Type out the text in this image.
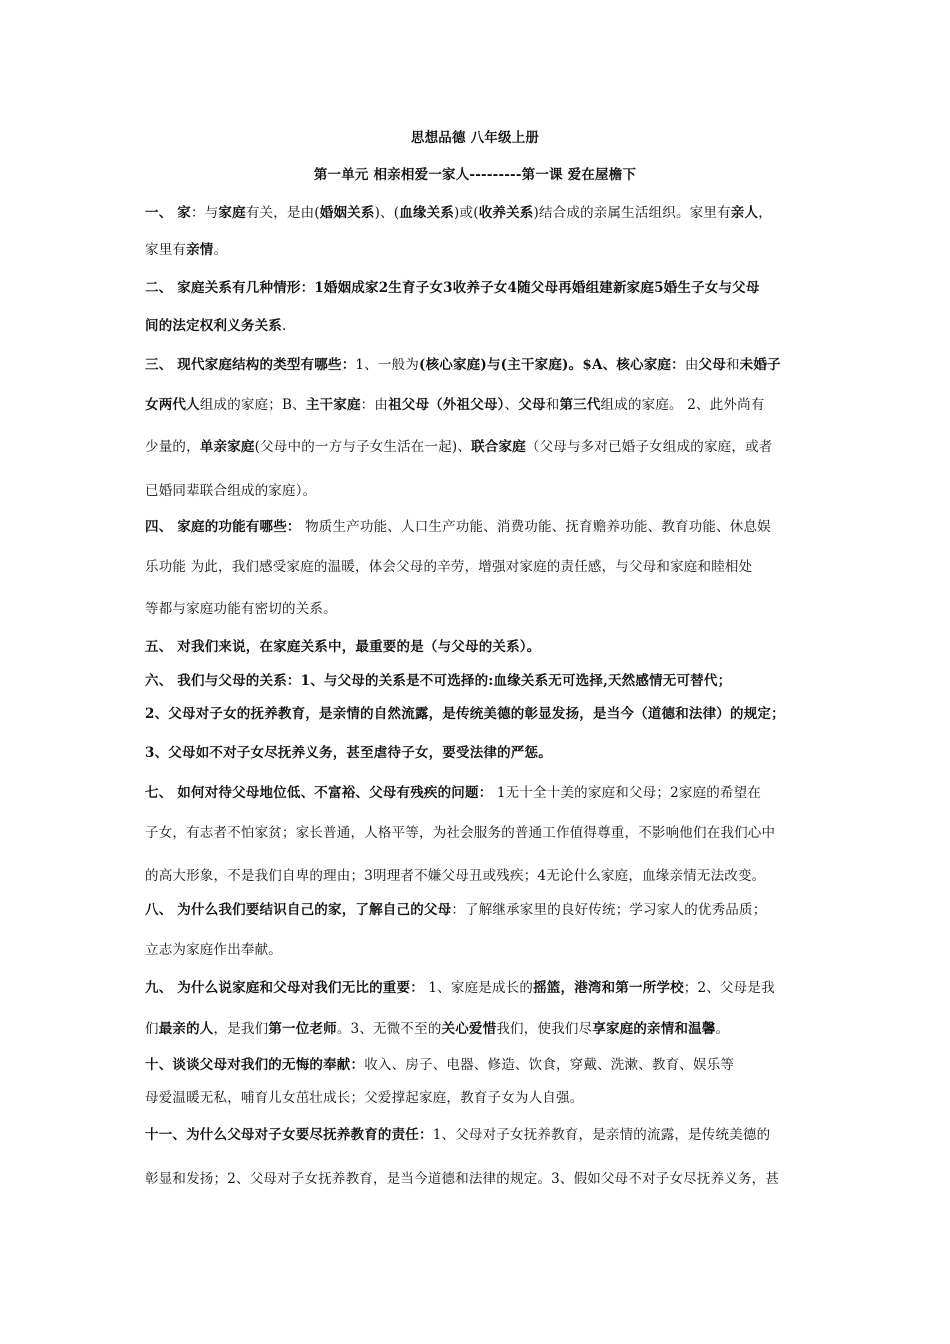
思想品德 八年级上册
第一单元 相亲相爱一家人---------第一课 爱在屋檐下
一、 家：与家庭有关，是由(婚姻关系)、(血缘关系)或(收养关系)结合成的亲属生活组织。家里有亲人，
家里有亲情。
二、 家庭关系有几种情形：1婚姻成家2生育子女3收养子女4随父母再婚组建新家庭5婚生子女与父母
间的法定权利义务关系.
三、 现代家庭结构的类型有哪些：1、一般为(核心家庭)与(主干家庭)。$A、核心家庭：由父母和未婚子
女两代人组成的家庭；B、主干家庭：由祖父母（外祖父母）、父母和第三代组成的家庭。 2、此外尚有
少量的，单亲家庭(父母中的一方与子女生活在一起)、联合家庭（父母与多对已婚子女组成的家庭，或者
已婚同辈联合组成的家庭）。
四、 家庭的功能有哪些： 物质生产功能、人口生产功能、消费功能、抚育赡养功能、教育功能、休息娱
乐功能 为此，我们感受家庭的温暖，体会父母的辛劳，增强对家庭的责任感，与父母和家庭和睦相处
等都与家庭功能有密切的关系。
五、 对我们来说，在家庭关系中，最重要的是（与父母的关系）。
六、 我们与父母的关系：1、与父母的关系是不可选择的:血缘关系无可选择,天然感情无可替代；
2、父母对子女的抚养教育，是亲情的自然流露，是传统美德的彰显发扬，是当今（道德和法律）的规定；
3、父母如不对子女尽抚养义务，甚至虐待子女，要受法律的严惩。
七、 如何对待父母地位低、不富裕、父母有残疾的问题： 1无十全十美的家庭和父母；2家庭的希望在
子女，有志者不怕家贫；家长普通，人格平等，为社会服务的普通工作值得尊重，不影响他们在我们心中
的高大形象，不是我们自卑的理由；3明理者不嫌父母丑或残疾；4无论什么家庭，血缘亲情无法改变。
八、 为什么我们要结识自己的家，了解自己的父母：了解继承家里的良好传统；学习家人的优秀品质；
立志为家庭作出奉献。
九、 为什么说家庭和父母对我们无比的重要： 1、家庭是成长的摇篮，港湾和第一所学校；2、父母是我
们最亲的人，是我们第一位老师。3、无微不至的关心爱惜我们，使我们尽享家庭的亲情和温馨。
十、谈谈父母对我们的无悔的奉献：收入、房子、电器、修造、饮食，穿戴、洗漱、教育、娱乐等
母爱温暖无私，哺育儿女茁壮成长；父爱撑起家庭，教育子女为人自强。
十一、为什么父母对子女要尽抚养教育的责任：1、父母对子女抚养教育，是亲情的流露，是传统美德的
彰显和发扬；2、父母对子女抚养教育，是当今道德和法律的规定。3、假如父母不对子女尽抚养义务，甚
